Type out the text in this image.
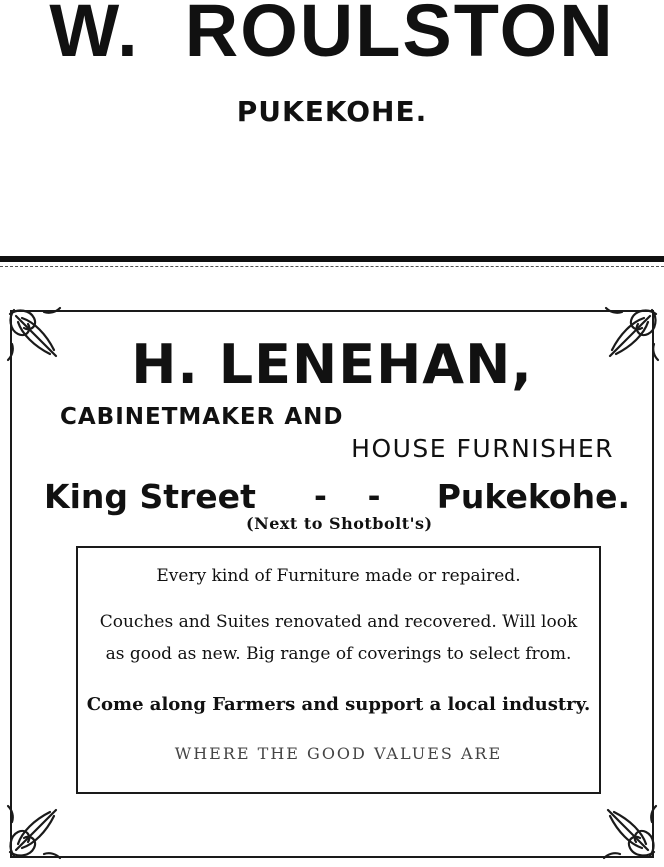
W.  ROULSTON
PUKEKOHE.
H. LENEHAN,
CABINETMAKER AND
HOUSE FURNISHER
King Street - - Pukekohe.
(Next to Shotbolt's)
Every kind of Furniture made or repaired.
Couches and Suites renovated and recovered. Will look
as good as new. Big range of coverings to select from.
Come along Farmers and support a local industry.
WHERE THE GOOD VALUES ARE
